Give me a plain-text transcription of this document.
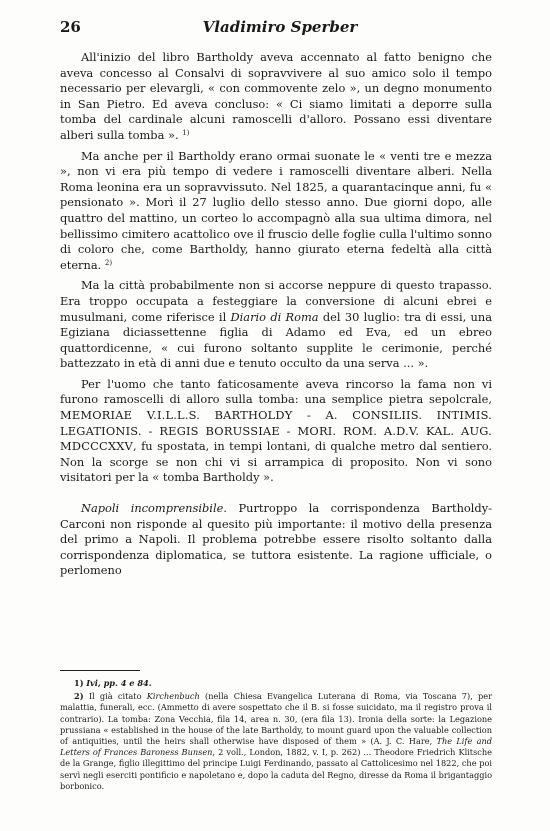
26	Vladimiro Sperber

All'inizio del libro Bartholdy aveva accennato al fatto benigno che aveva concesso al Consalvi di sopravvivere al suo amico solo il tempo necessario per elevargli, « con commovente zelo », un degno monumento in San Pietro. Ed aveva concluso: « Ci siamo limitati a deporre sulla tomba del cardinale alcuni ramoscelli d'alloro. Possano essi diventare alberi sulla tomba ». $^{1)}$

Ma anche per il Bartholdy erano ormai suonate le « venti tre e mezza », non vi era più tempo di vedere i ramoscelli diventare alberi. Nella Roma leonina era un sopravvissuto. Nel 1825, a quarantacinque anni, fu « pensionato ». Morì il 27 luglio dello stesso anno. Due giorni dopo, alle quattro del mattino, un corteo lo accompagnò alla sua ultima dimora, nel bellissimo cimitero acattolico ove il fruscio delle foglie culla l'ultimo sonno di coloro che, come Bartholdy, hanno giurato eterna fedeltà alla città eterna. $^{2)}$

Ma la città probabilmente non si accorse neppure di questo trapasso. Era troppo occupata a festeggiare la conversione di alcuni ebrei e musulmani, come riferisce il Diario di Roma del 30 luglio: tra di essi, una Egiziana diciassettenne figlia di Adamo ed Eva, ed un ebreo quattordicenne, « cui furono soltanto supplite le cerimonie, perché battezzato in età di anni due e tenuto occulto da una serva ... ».

Per l'uomo che tanto faticosamente aveva rincorso la fama non vi furono ramoscelli di alloro sulla tomba: una semplice pietra sepolcrale, MEMORIAE V.I.L.L.S. BARTHOLDY - A. CONSILIIS. INTIMIS. LEGATIONIS. - REGIS BORUSSIAE - MORI. ROM. A.D.V. KAL. AUG. MDCCCXXV, fu spostata, in tempi lontani, di qualche metro dal sentiero. Non la scorge se non chi vi si arrampica di proposito. Non vi sono visitatori per la « tomba Bartholdy ».

Napoli incomprensibile. Purtroppo la corrispondenza Bartholdy-Carconi non risponde al quesito più importante: il motivo della presenza del primo a Napoli. Il problema potrebbe essere risolto soltanto dalla corrispondenza diplomatica, se tuttora esistente. La ragione ufficiale, o perlomeno

1) Ivi, pp. 4 e 84.

2) Il già citato Kirchenbuch (nella Chiesa Evangelica Luterana di Roma, via Toscana 7), per malattia, funerali, ecc. (Ammetto di avere sospettato che il B. si fosse suicidato, ma il registro prova il contrario). La tomba: Zona Vecchia, fila 14, area n. 30, (era fila 13). Ironia della sorte: la Legazione prussiana « established in the house of the late Bartholdy, to mount guard upon the valuable collection of antiquities, until the heirs shall otherwise have disposed of them » (A. J. C. Hare, The Life and Letters of Frances Baroness Bunsen, 2 voll., London, 1882, v. I, p. 262) ... Theodore Friedrich Klitsche de la Grange, figlio illegittimo del principe Luigi Ferdinando, passato al Cattolicesimo nel 1822, che poi servì negli eserciti pontificio e napoletano e, dopo la caduta del Regno, diresse da Roma il brigantaggio borbonico.
